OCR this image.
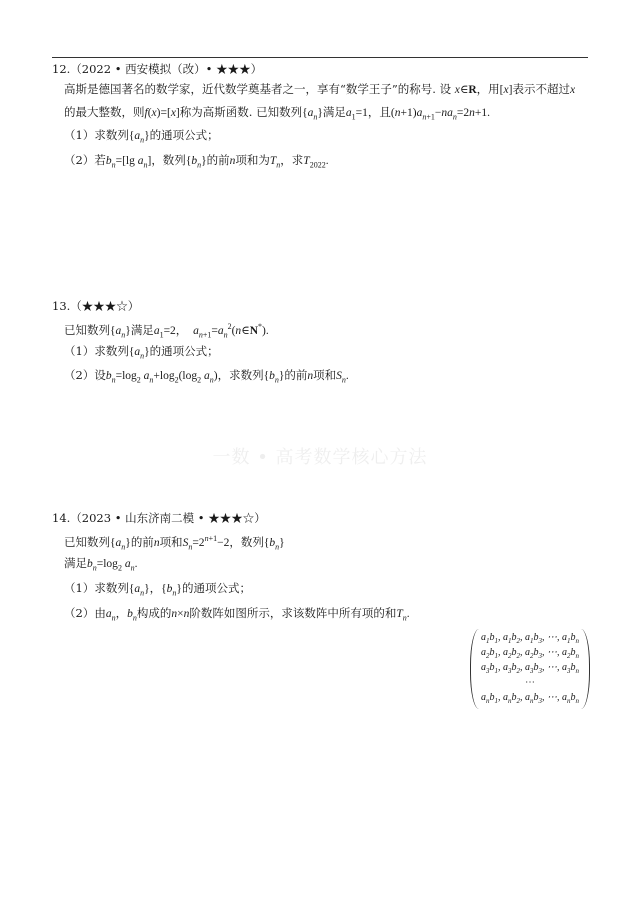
12.（2022 • 西安模拟（改）• ★★★）
高斯是德国著名的数学家，近代数学奠基者之一，享有“数学王子”的称号. 设 x∈R，用[x]表示不超过x
的最大整数，则f(x)=[x]称为高斯函数. 已知数列$\{a_n\}$满足$a_1=1$，且$(n+1)a_{n+1}-na_n=2n+1$.
（1）求数列$\{a_n\}$的通项公式；
（2）若$b_n=[\lg$ $a_n$]，数列$\{b_n\}$的前n项和为$T_n$，求$T_{2022}$.
13.（★★★☆）
已知数列$\{a_n\}$满足$a_1=2$，  $a_{n+1}=a_n^2(n\in N^*)$.
（1）求数列$\{a_n\}$的通项公式；
（2）设$b_n=\log_2$ $a_n+\log_2(\log_2$ $a_n$)，求数列$\{b_n\}$的前n项和$S_n$.
一数 • 高考数学核心方法
14.（2023 • 山东济南二模 • ★★★☆）
已知数列$\{a_n\}$的前n项和$S_n=2^{n+1}-2$，数列$\{b_n\}$
满足$b_n=\log_2$ $a_n$.
（1）求数列$\{a_n\}$，$\{b_n\}$的通项公式；
（2）由$a_n$，$b_n$构成的n×n阶数阵如图所示，求该数阵中所有项的和$T_n$.
$a_1b_1$, $a_1b_2$, $a_1b_3$, ⋯, $a_1b_n$
$a_2b_1$, $a_2b_2$, $a_2b_3$, ⋯, $a_2b_n$
$a_3b_1$, $a_3b_2$, $a_3b_3$, ⋯, $a_3b_n$
⋯
$a_nb_1$, $a_nb_2$, $a_nb_3$, ⋯, $a_nb_n$
